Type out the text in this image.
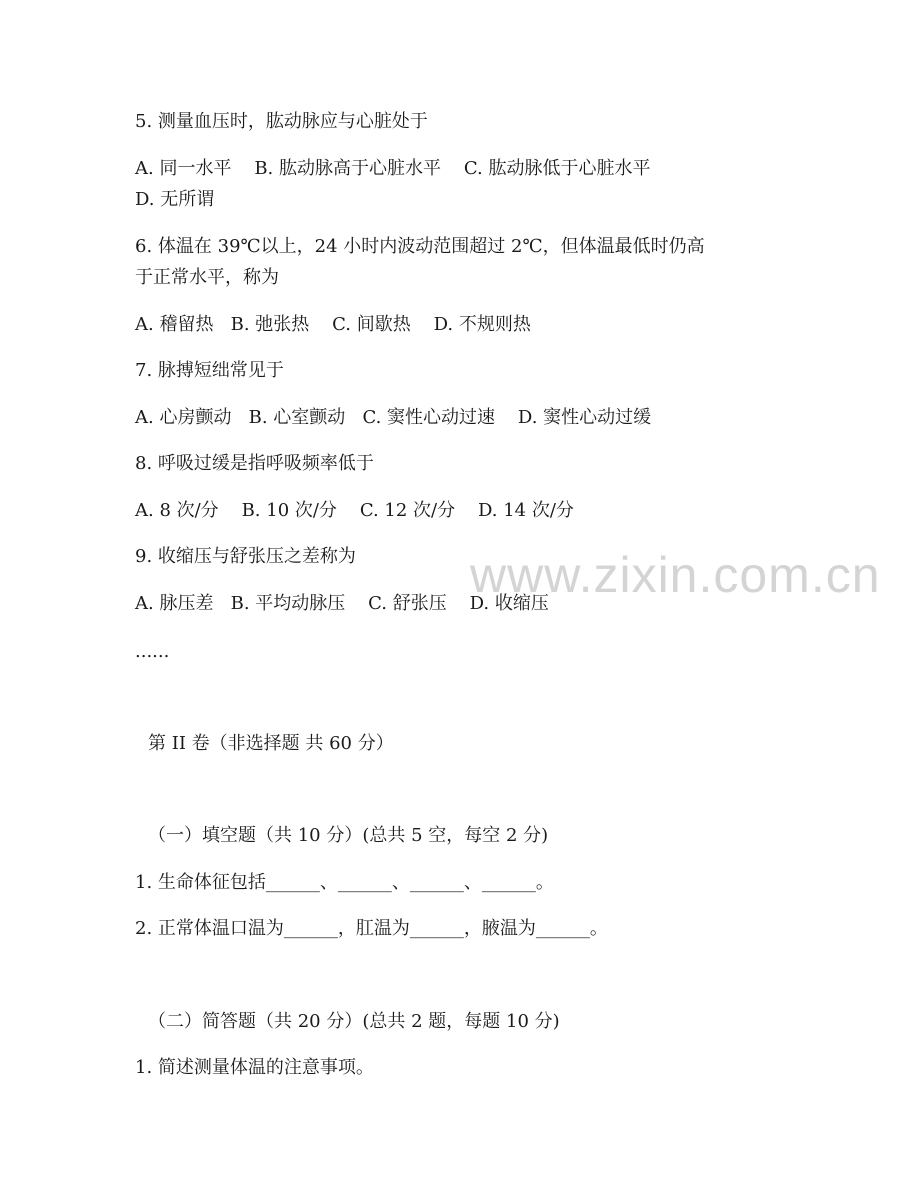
www.zixin.com.cn
5. 测量血压时，肱动脉应与心脏处于
A. 同一水平    B. 肱动脉高于心脏水平    C. 肱动脉低于心脏水平
D. 无所谓
6. 体温在 39℃以上，24 小时内波动范围超过 2℃，但体温最低时仍高
于正常水平，称为
A. 稽留热   B. 弛张热    C. 间歇热    D. 不规则热
7. 脉搏短绌常见于
A. 心房颤动   B. 心室颤动   C. 窦性心动过速    D. 窦性心动过缓
8. 呼吸过缓是指呼吸频率低于
A. 8 次/分    B. 10 次/分    C. 12 次/分    D. 14 次/分
9. 收缩压与舒张压之差称为
A. 脉压差   B. 平均动脉压    C. 舒张压    D. 收缩压
......
第 II 卷（非选择题 共 60 分）
（一）填空题（共 10 分）(总共 5 空，每空 2 分)
1. 生命体征包括______、______、______、______。
2. 正常体温口温为______，肛温为______，腋温为______。
（二）简答题（共 20 分）(总共 2 题，每题 10 分)
1. 简述测量体温的注意事项。
